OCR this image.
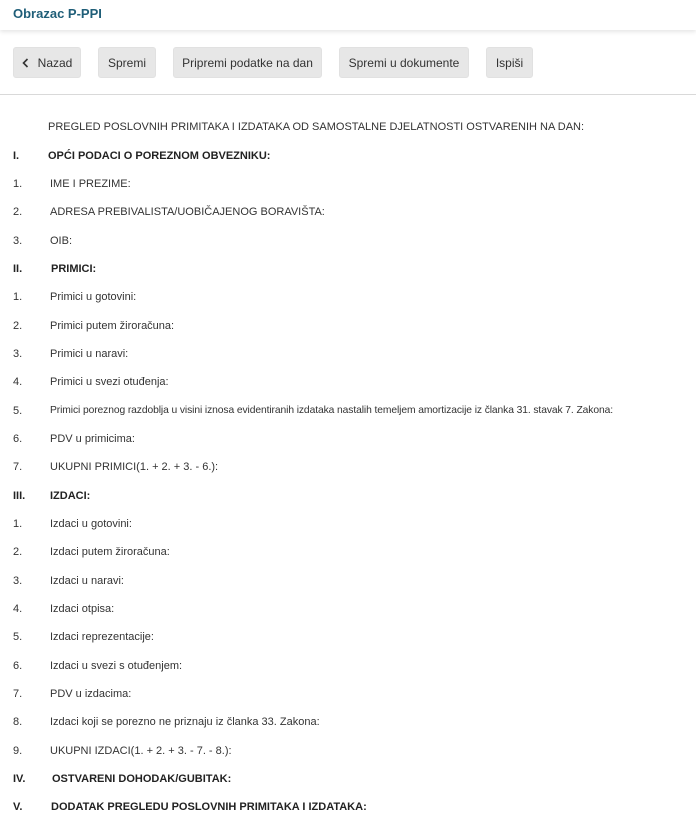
Obrazac P-PPI
Nazad	Spremi	Pripremi podatke na dan	Spremi u dokumente	Ispiši
PREGLED POSLOVNIH PRIMITAKA I IZDATAKA OD SAMOSTALNE DJELATNOSTI OSTVARENIH NA DAN:
I.	OPĆI PODACI O POREZNOM OBVEZNIKU:
1.	IME I PREZIME:
2.	ADRESA PREBIVALISTA/UOBIČAJENOG BORAVIŠTA:
3.	OIB:
II.	PRIMICI:
1.	Primici u gotovini:
2.	Primici putem žiroračuna:
3.	Primici u naravi:
4.	Primici u svezi otuđenja:
5.	Primici poreznog razdoblja u visini iznosa evidentiranih izdataka nastalih temeljem amortizacije iz članka 31. stavak 7. Zakona:
6.	PDV u primicima:
7.	UKUPNI PRIMICI(1. + 2. + 3. - 6.):
III. IZDACI:
1.	Izdaci u gotovini:
2.	Izdaci putem žiroračuna:
3.	Izdaci u naravi:
4.	Izdaci otpisa:
5.	Izdaci reprezentacije:
6.	Izdaci u svezi s otuđenjem:
7.	PDV u izdacima:
8.	Izdaci koji se porezno ne priznaju iz članka 33. Zakona:
9.	UKUPNI IZDACI(1. + 2. + 3. - 7. - 8.):
IV. OSTVARENI DOHODAK/GUBITAK:
V.	DODATAK PREGLEDU POSLOVNIH PRIMITAKA I IZDATAKA:
